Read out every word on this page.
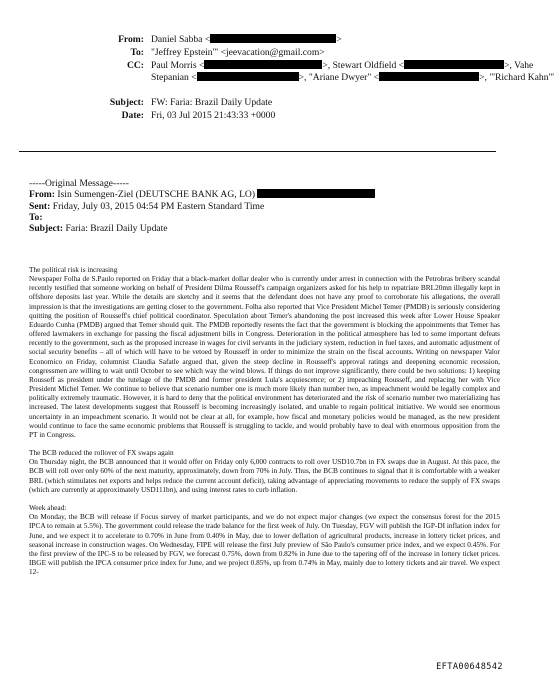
From: Daniel Sabba <	>
To: "Jeffrey Epstein'" <jeevacation@gmail.com>
CC: Paul Morris <	>, Stewart Oldfield <	>, Vahe
Stepanian <	>, "Ariane Dwyer" <	>, "'Richard Kahn'"
Subject: FW: Faria: Brazil Daily Update
Date: Fri, 03 Jul 2015 21:43:33 +0000
-----Original Message-----
From: Isin Sumengen-Ziel (DEUTSCHE BANK AG, LO)
Sent: Friday, July 03, 2015 04:54 PM Eastern Standard Time
To:
Subject: Faria: Brazil Daily Update

The political risk is increasing

Newspaper Folha de S.Paulo reported on Friday that a black-market dollar dealer who is currently under arrest in connection with the Petrobras bribery scandal recently testified that someone working on behalf of President Dilma Rousseff's campaign organizers asked for his help to repatriate BRL20mn illegally kept in offshore deposits last year. While the details are sketchy and it seems that the defendant does not have any proof to corroborate his allegations, the overall impression is that the investigations are getting closer to the government. Folha also reported that Vice President Michel Temer (PMDB) is seriously considering quitting the position of Rousseff's chief political coordinator. Speculation about Temer's abandoning the post increased this week after Lower House Speaker Eduardo Cunha (PMDB) argued that Temer should quit. The PMDB reportedly resents the fact that the government is blocking the appointments that Temer has offered lawmakers in exchange for passing the fiscal adjustment bills in Congress. Deterioration in the political atmosphere has led to some important defeats recently to the government, such as the proposed increase in wages for civil servants in the judiciary system, reduction in fuel taxes, and automatic adjustment of social security benefits – all of which will have to be vetoed by Rousseff in order to minimize the strain on the fiscal accounts. Writing on newspaper Valor Economico on Friday, columnist Claudia Safatle argued that, given the steep decline in Rousseff's approval ratings and deepening economic recession, congressmen are willing to wait until October to see which way the wind blows. If things do not improve significantly, there could be two solutions: 1) keeping Rousseff as president under the tutelage of the PMDB and former president Lula's acquiescence; or 2) impeaching Rousseff, and replacing her with Vice President Michel Temer. We continue to believe that scenario number one is much more likely than number two, as impeachment would be legally complex and politically extremely traumatic. However, it is hard to deny that the political environment has deteriorated and the risk of scenario number two materializing has increased. The latest developments suggest that Rousseff is becoming increasingly isolated, and unable to regain political initiative. We would see enormous uncertainty in an impeachment scenario. It would not be clear at all, for example, how fiscal and monetary policies would be managed, as the new president would continue to face the same economic problems that Rousseff is struggling to tackle, and would probably have to deal with enormous opposition from the PT in Congress.

The BCB reduced the rollover of FX swaps again

On Thursday night, the BCB announced that it would offer on Friday only 6,000 contracts to roll over USD10.7bn in FX swaps due in August. At this pace, the BCB will roll over only 60% of the next maturity, approximately, down from 70% in July. Thus, the BCB continues to signal that it is comfortable with a weaker BRL (which stimulates net exports and helps reduce the current account deficit), taking advantage of appreciating movements to reduce the supply of FX swaps (which are currently at approximately USD111bn), and using interest rates to curb inflation.

Week ahead:

On Monday, the BCB will release if Focus survey of market participants, and we do not expect major changes (we expect the consensus forest for the 2015 IPCA to remain at 5.5%). The government could release the trade balance for the first week of July. On Tuesday, FGV will publish the IGP-DI inflation index for June, and we expect it to accelerate to 0.70% in June from 0.40% in May, due to lower deflation of agricultural products, increase in lottery ticket prices, and seasonal increase in construction wages. On Wednesday, FIPE will release the first July preview of São Paulo's consumer price index, and we expect 0.45%. For the first preview of the IPC-S to be released by FGV, we forecast 0.75%, down from 0.82% in June due to the tapering off of the increase in lottery ticket prices. IBGE will publish the IPCA consumer price index for June, and we project 0.85%, up from 0.74% in May, mainly due to lottery tickets and air travel. We expect 12-

EFTA00648542
